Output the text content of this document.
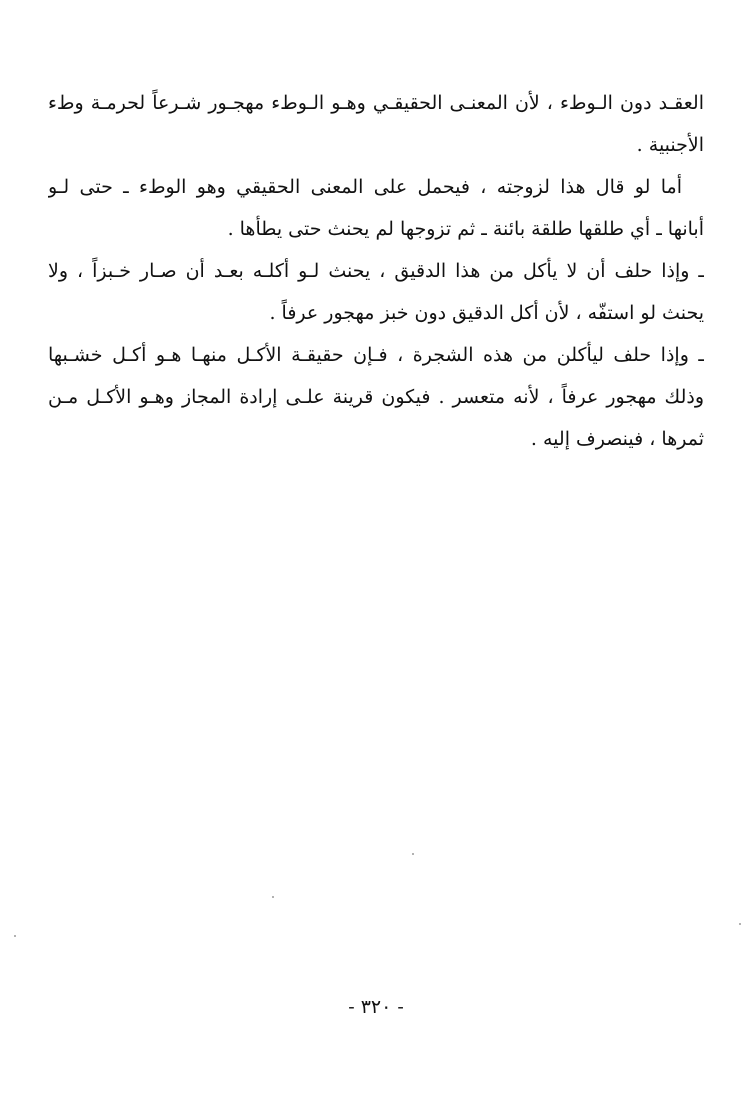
العقـد دون الـوطء ، لأن المعنـى الحقيقـي وهـو الـوطء مهجـور شـرعاً لحرمـة وطء
الأجنبية .
أما لو قال هذا لزوجته ، فيحمل على المعنى الحقيقي وهو الوطء ـ حتى لـو
أبانها ـ أي طلقها طلقة بائنة ـ ثم تزوجها لم يحنث حتى يطأها .
ـ وإذا حلف أن لا يأكل من هذا الدقيق ، يحنث لـو أكلـه بعـد أن صـار خـبزاً ، ولا
يحنث لو استفّه ، لأن أكل الدقيق دون خبز مهجور عرفاً .
ـ وإذا حلف ليأكلن من هذه الشجرة ، فـإن حقيقـة الأكـل منهـا هـو أكـل خشـبها
وذلك مهجور عرفاً ، لأنه متعسر . فيكون قرينة علـى إرادة المجاز وهـو الأكـل مـن
ثمرها ، فينصرف إليه .
- ٣٢٠ -
